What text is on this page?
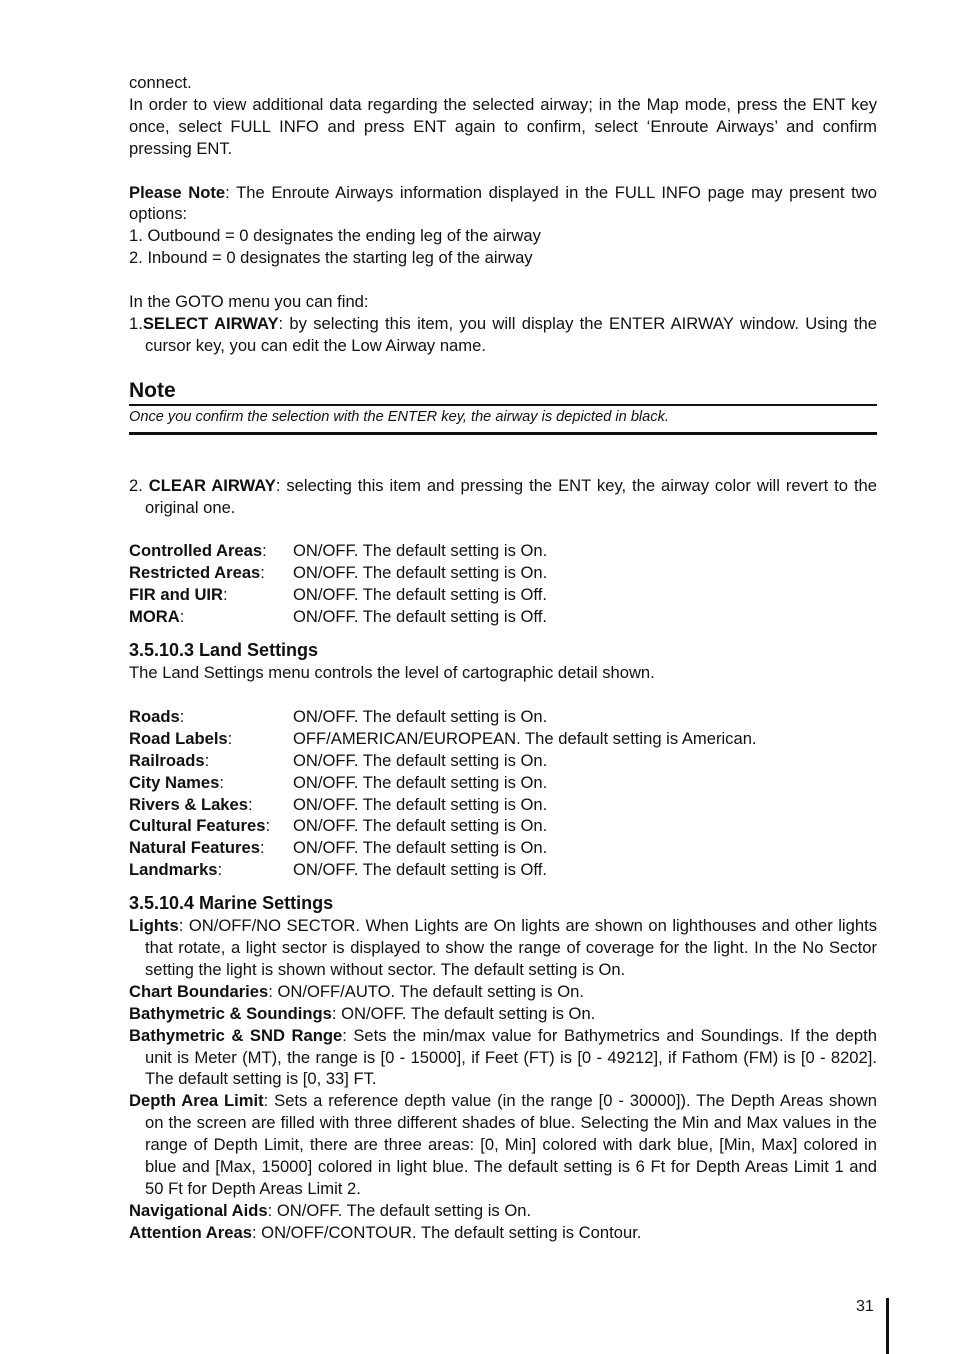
connect.

In order to view additional data regarding the selected airway; in the Map mode, press the ENT key once, select FULL INFO and press ENT again to confirm, select ‘Enroute Airways’ and confirm pressing ENT.

Please Note: The Enroute Airways information displayed in the FULL INFO page may present two options:

1. Outbound = 0 designates the ending leg of the airway

2. Inbound = 0 designates the starting leg of the airway

In the GOTO menu you can find:

1.SELECT AIRWAY: by selecting this item, you will display the ENTER AIRWAY window. Using the cursor key, you can edit the Low Airway name.

Note
Once you confirm the selection with the ENTER key, the airway is depicted in black.

2. CLEAR AIRWAY: selecting this item and pressing the ENT key, the airway color will revert to the original one.

Controlled Areas:	ON/OFF. The default setting is On.
Restricted Areas:	ON/OFF. The default setting is On.
FIR and UIR:	ON/OFF. The default setting is Off.
MORA:	ON/OFF. The default setting is Off.
3.5.10.3 Land Settings

The Land Settings menu controls the level of cartographic detail shown.

Roads:	ON/OFF. The default setting is On.
Road Labels:	OFF/AMERICAN/EUROPEAN. The default setting is American.
Railroads:	ON/OFF. The default setting is On.
City Names:	ON/OFF. The default setting is On.
Rivers & Lakes:	ON/OFF. The default setting is On.
Cultural Features:	ON/OFF. The default setting is On.
Natural Features:	ON/OFF. The default setting is On.
Landmarks:	ON/OFF. The default setting is Off.
3.5.10.4 Marine Settings

Lights: ON/OFF/NO SECTOR. When Lights are On lights are shown on lighthouses and other lights that rotate, a light sector is displayed to show the range of coverage for the light. In the No Sector setting the light is shown without sector. The default setting is On.

Chart Boundaries: ON/OFF/AUTO. The default setting is On.

Bathymetric & Soundings: ON/OFF. The default setting is On.

Bathymetric & SND Range: Sets the min/max value for Bathymetrics and Soundings. If the depth unit is Meter (MT), the range is [0 - 15000], if Feet (FT) is [0 - 49212], if Fathom (FM) is [0 - 8202]. The default setting is [0, 33] FT.

Depth Area Limit: Sets a reference depth value (in the range [0 - 30000]). The Depth Areas shown on the screen are filled with three different shades of blue. Selecting the Min and Max values in the range of Depth Limit, there are three areas: [0, Min] colored with dark blue, [Min, Max] colored in blue and [Max, 15000] colored in light blue. The default setting is 6 Ft for Depth Areas Limit 1 and 50 Ft for Depth Areas Limit 2.

Navigational Aids: ON/OFF. The default setting is On.

Attention Areas: ON/OFF/CONTOUR. The default setting is Contour.

31
